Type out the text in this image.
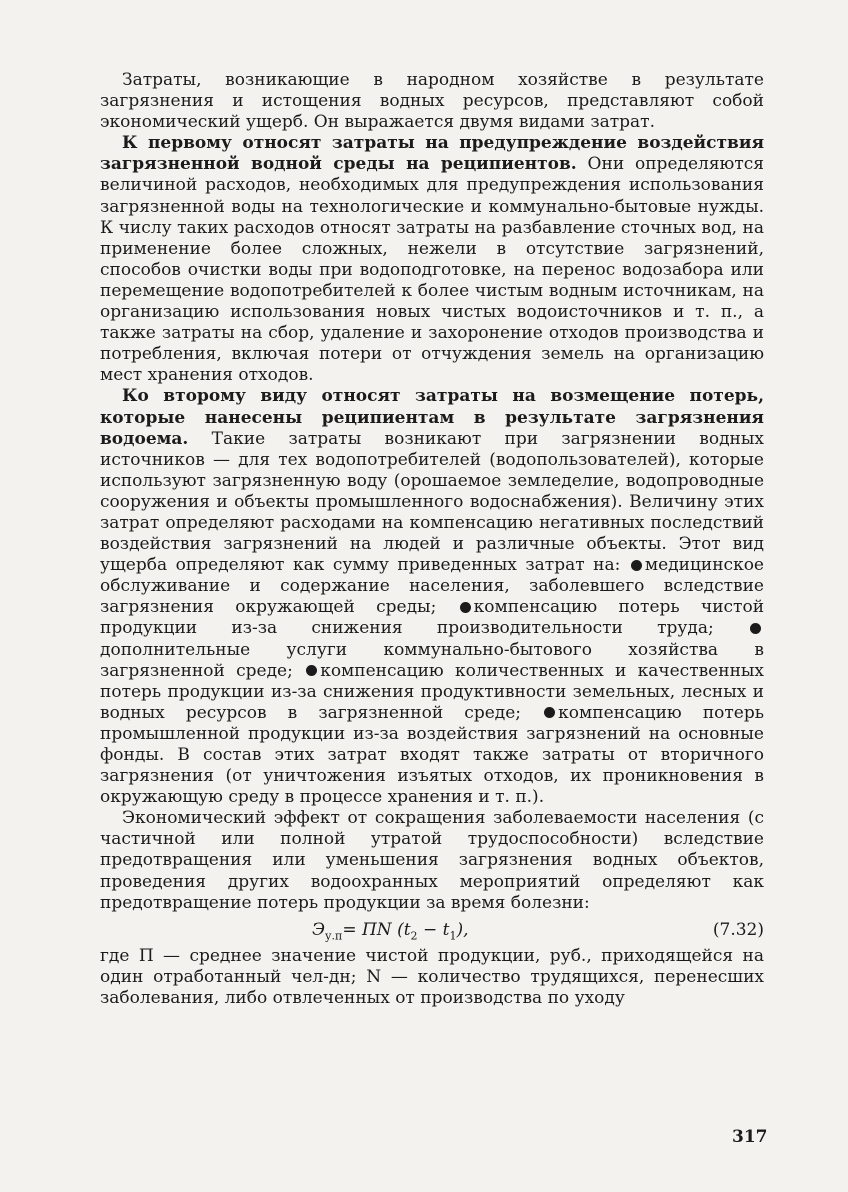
Затраты, возникающие в народном хозяйстве в результате загрязнения и истощения водных ресурсов, представляют собой экономический ущерб. Он выражается двумя видами затрат.

К первому относят затраты на предупреждение воздействия загрязненной водной среды на реципиентов. Они определяются величиной расходов, необходимых для предупреждения использования загрязненной воды на технологические и коммунально-бытовые нужды. К числу таких расходов относят затраты на разбавление сточных вод, на применение более сложных, нежели в отсутствие загрязнений, способов очистки воды при водоподготовке, на перенос водозабора или перемещение водопотребителей к более чистым водным источникам, на организацию использования новых чистых водоисточников и т. п., а также затраты на сбор, удаление и захоронение отходов производства и потребления, включая потери от отчуждения земель на организацию мест хранения отходов.

Ко второму виду относят затраты на возмещение потерь, которые нанесены реципиентам в результате загрязнения водоема. Такие затраты возникают при загрязнении водных источников — для тех водопотребителей (водопользователей), которые используют загрязненную воду (орошаемое земледелие, водопроводные сооружения и объекты промышленного водоснабжения). Величину этих затрат определяют расходами на компенсацию негативных последствий воздействия загрязнений на людей и различные объекты. Этот вид ущерба определяют как сумму приведенных затрат на: медицинское обслуживание и содержание населения, заболевшего вследствие загрязнения окружающей среды; компенсацию потерь чистой продукции из-за снижения производительности труда; дополнительные услуги коммунально-бытового хозяйства в загрязненной среде; компенсацию количественных и качественных потерь продукции из-за снижения продуктивности земельных, лесных и водных ресурсов в загрязненной среде; компенсацию потерь промышленной продукции из-за воздействия загрязнений на основные фонды. В состав этих затрат входят также затраты от вторичного загрязнения (от уничтожения изъятых отходов, их проникновения в окружающую среду в процессе хранения и т. п.).

Экономический эффект от сокращения заболеваемости населения (с частичной или полной утратой трудоспособности) вследствие предотвращения или уменьшения загрязнения водных объектов, проведения других водоохранных мероприятий определяют как предотвращение потерь продукции за время болезни:

$Э_{у.п}=$ ПN $(t_2 - t_1)$,	(7.32)

где П — среднее значение чистой продукции, руб., приходящейся на один отработанный чел-дн; N — количество трудящихся, перенесших заболевания, либо отвлеченных от производства по уходу

317
